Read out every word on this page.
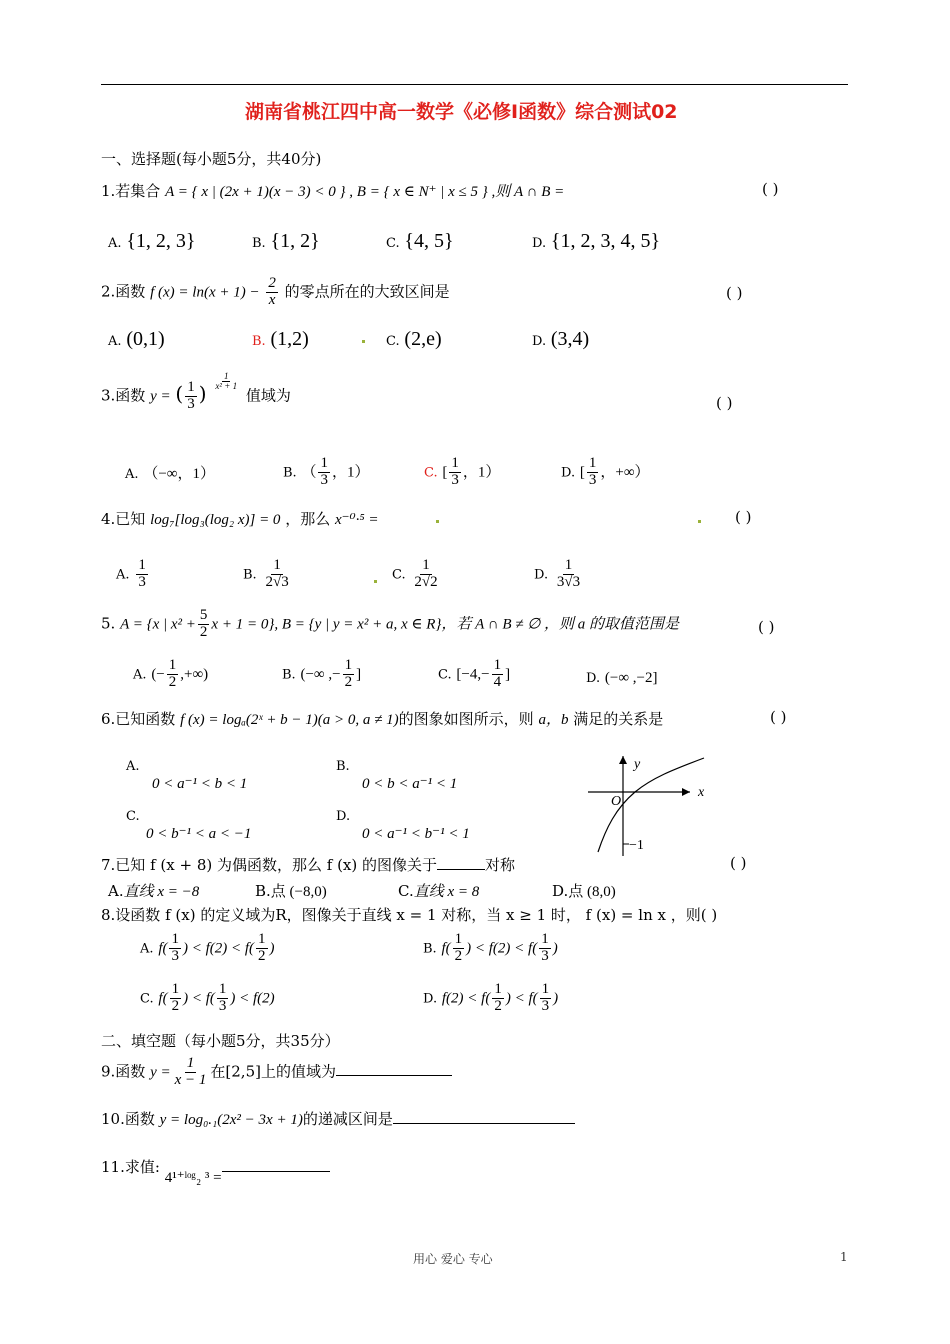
湖南省桃江四中高一数学《必修Ⅰ函数》综合测试02
一、选择题(每小题5分，共40分)
1.若集合 A = { x | (2x + 1)(x − 3) < 0 } , B = { x ∈ N⁺ | x ≤ 5 } ,则 A ∩ B =	( )
A. {1, 2, 3}	B. {1, 2}	C. {4, 5}	D. {1, 2, 3, 4, 5}
2.函数 f $(x) = \ln(x + 1) - \frac{2}{x}$ 的零点所在的大致区间是	( )
A. (0,1)	B. (1,2)	C. (2,e)	D. (3,4)
3.函数 y = ( $\frac{1}{3}$ ) $\frac{1}{\text{x² + 1}}$
值域为	( )
A. （−∞，1）	B. （ $\frac{1}{3}$ ，1）	C. [ $\frac{1}{3}$ ，1）	D. [ $\frac{1}{3}$ ，+∞）
4.已知 log₇[log₃(log₂ x)] = 0 ，那么 x⁻⁰·⁵ =	( )
A. $\frac{1}{3}$	B. $\frac{1}{2√3}$	C. $\frac{1}{2√2}$	D. $\frac{1}{3√3}$
5. A = {x | $x^2 + \frac{5}{2}$ x + 1 = 0}, B = {y | y = x² + a, x ∈ R}，若 A ∩ B ≠ ∅ ，则 a 的取值范围是	( )
A. (− $\frac{1}{2}$ ,+∞)	B. (−∞ ,− $\frac{1}{2}$ ]	C. [$-4,- \frac{1}{4}$ ]	D. (−∞ ,−2]
6.已知函数 f (x) = logₐ(2ˣ + b − 1)(a > 0, a ≠ 1)的图象如图所示，则 a，b 满足的关系是	( )
A.
0 < a⁻¹ < b < 1
B.
0 < b < a⁻¹ < 1
C.
0 < b⁻¹ < a < −1
D.
0 < a⁻¹ < b⁻¹ < 1
y
x
O
−1
7.已知 f (x + 8) 为偶函数，那么 f (x) 的图像关于	对称	( )
A.直线 x = −8	B.点 (−8,0)	C.直线 x = 8	D.点 (8,0)
8.设函数 f (x) 的定义域为R，图像关于直线 x = 1 对称，当 x ≥ 1 时， f (x) = ln x ，则( )
A. $f( \frac{1}{3}$ ) < $f(2) < f( \frac{1}{2}$ )	B. $f( \frac{1}{2}$ ) < $f(2) < f( \frac{1}{3}$ )
C. $f( \frac{1}{2}$ ) < $f( \frac{1}{3}$ ) < f(2)	D. $f(2) < f( \frac{1}{2}$ ) < $f( \frac{1}{3}$ )
二、填空题（每小题5分，共35分）
9.函数 $y = \frac{1}{x - 1}$ 在[2,5]上的值域为
10.函数 y = log₀.₁(2x² − 3x + 1)的递减区间是
11.求值: 4¹⁺ˡᵒᵍ₂ ³ =
用心 爱心 专心	1
